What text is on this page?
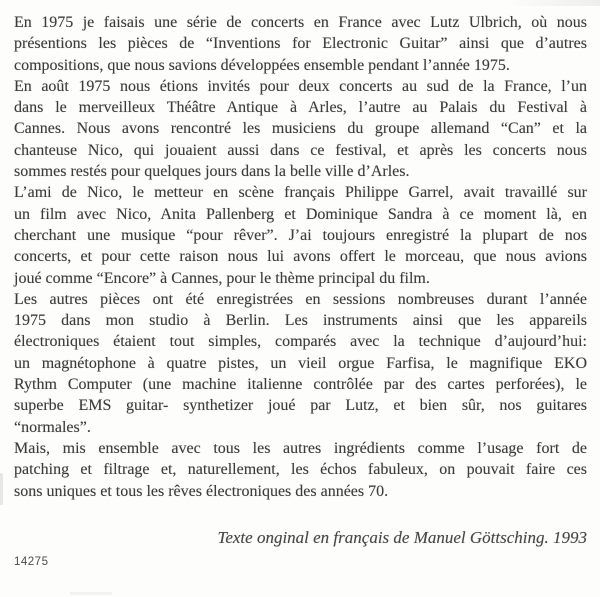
En 1975 je faisais une série de concerts en France avec Lutz Ulbrich, où nous
présentions les pièces de “Inventions for Electronic Guitar” ainsi que d’autres
compositions, que nous savions développées ensemble pendant l’année 1975.
En août 1975 nous étions invités pour deux concerts au sud de la France, l’un
dans le merveilleux Théâtre Antique à Arles, l’autre au Palais du Festival à
Cannes. Nous avons rencontré les musiciens du groupe allemand “Can” et la
chanteuse Nico, qui jouaient aussi dans ce festival, et après les concerts nous
sommes restés pour quelques jours dans la belle ville d’Arles.
L’ami de Nico, le metteur en scène français Philippe Garrel, avait travaillé sur
un film avec Nico, Anita Pallenberg et Dominique Sandra à ce moment là, en
cherchant une musique “pour rêver”. J’ai toujours enregistré la plupart de nos
concerts, et pour cette raison nous lui avons offert le morceau, que nous avions
joué comme “Encore” à Cannes, pour le thème principal du film.
Les autres pièces ont été enregistrées en sessions nombreuses durant l’année
1975 dans mon studio à Berlin. Les instruments ainsi que les appareils
électroniques étaient tout simples, comparés avec la technique d’aujourd’hui:
un magnétophone à quatre pistes, un vieil orgue Farfisa, le magnifique EKO
Rythm Computer (une machine italienne contrôlée par des cartes perforées), le
superbe EMS guitar- synthetizer joué par Lutz, et bien sûr, nos guitares
“normales”.
Mais, mis ensemble avec tous les autres ingrédients comme l’usage fort de
patching et filtrage et, naturellement, les échos fabuleux, on pouvait faire ces
sons uniques et tous les rêves électroniques des années 70.
Texte onginal en français de Manuel Göttsching. 1993
14275
